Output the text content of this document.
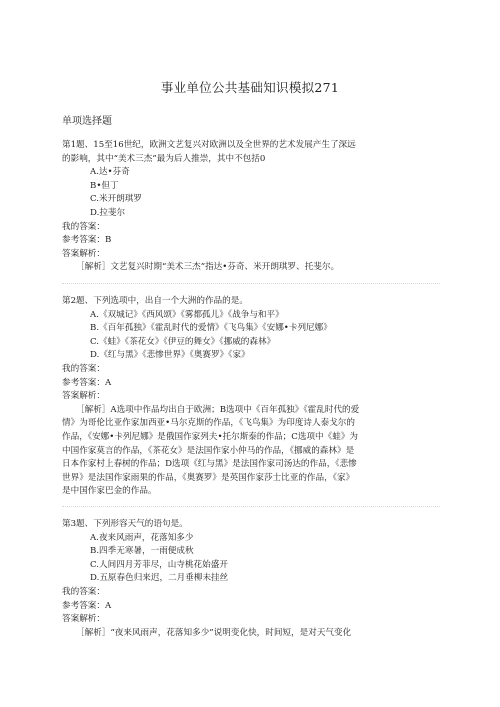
事业单位公共基础知识模拟271
单项选择题
第1题、15至16世纪，欧洲文艺复兴对欧洲以及全世界的艺术发展产生了深远
的影响，其中“美术三杰”最为后人推崇，其中不包括0
A.达•芬奇
B•但丁
C.米开朗琪罗
D.拉斐尔
我的答案：
参考答案：B
答案解析：
［解析］文艺复兴时期“美术三杰”指达•芬奇、米开朗琪罗、托斐尔。
第2题、下列选项中，出自一个大洲的作品的是。
A.《双城记》《西风颂》《雾都孤儿》《战争与和平》
B.《百年孤独》《霍乱时代的爱情》《飞鸟集》《安娜•卡列尼娜》
C.《蛙》《茶花女》《伊豆的舞女》《挪威的森林》
D.《红与黑》《悲惨世界》《奥赛罗》《家》
我的答案：
参考答案：A
答案解析：
［解析］A选项中作品均出自于欧洲；B选项中《百年孤独》《霍乱时代的爱
情》为哥伦比亚作家加西亚•马尔克斯的作品，《飞鸟集》为印度诗人泰戈尔的
作品，《安娜•卡列尼娜》是俄国作家列夫•托尔斯泰的作品；C选项中《蛙》为
中国作家莫言的作品，《茶花女》是法国作家小仲马的作品，《挪威的森林》是
日本作家村上春树的作品；D选项《红与黑》是法国作家司汤达的作品，《悲惨
世界》是法国作家雨果的作品，《奥赛罗》是英国作家莎士比亚的作品，《家》
是中国作家巴金的作品。
第3题、下列形容天气的语句是。
A.夜来风雨声，花落知多少
B.四季无寒暑，一雨便成秋
C.人间四月芳菲尽，山寺桃花始盛开
D.五原春色归来迟，二月垂柳未挂丝
我的答案：
参考答案：A
答案解析：
［解析］“夜来风雨声，花落知多少”说明变化快，时间短，是对天气变化
